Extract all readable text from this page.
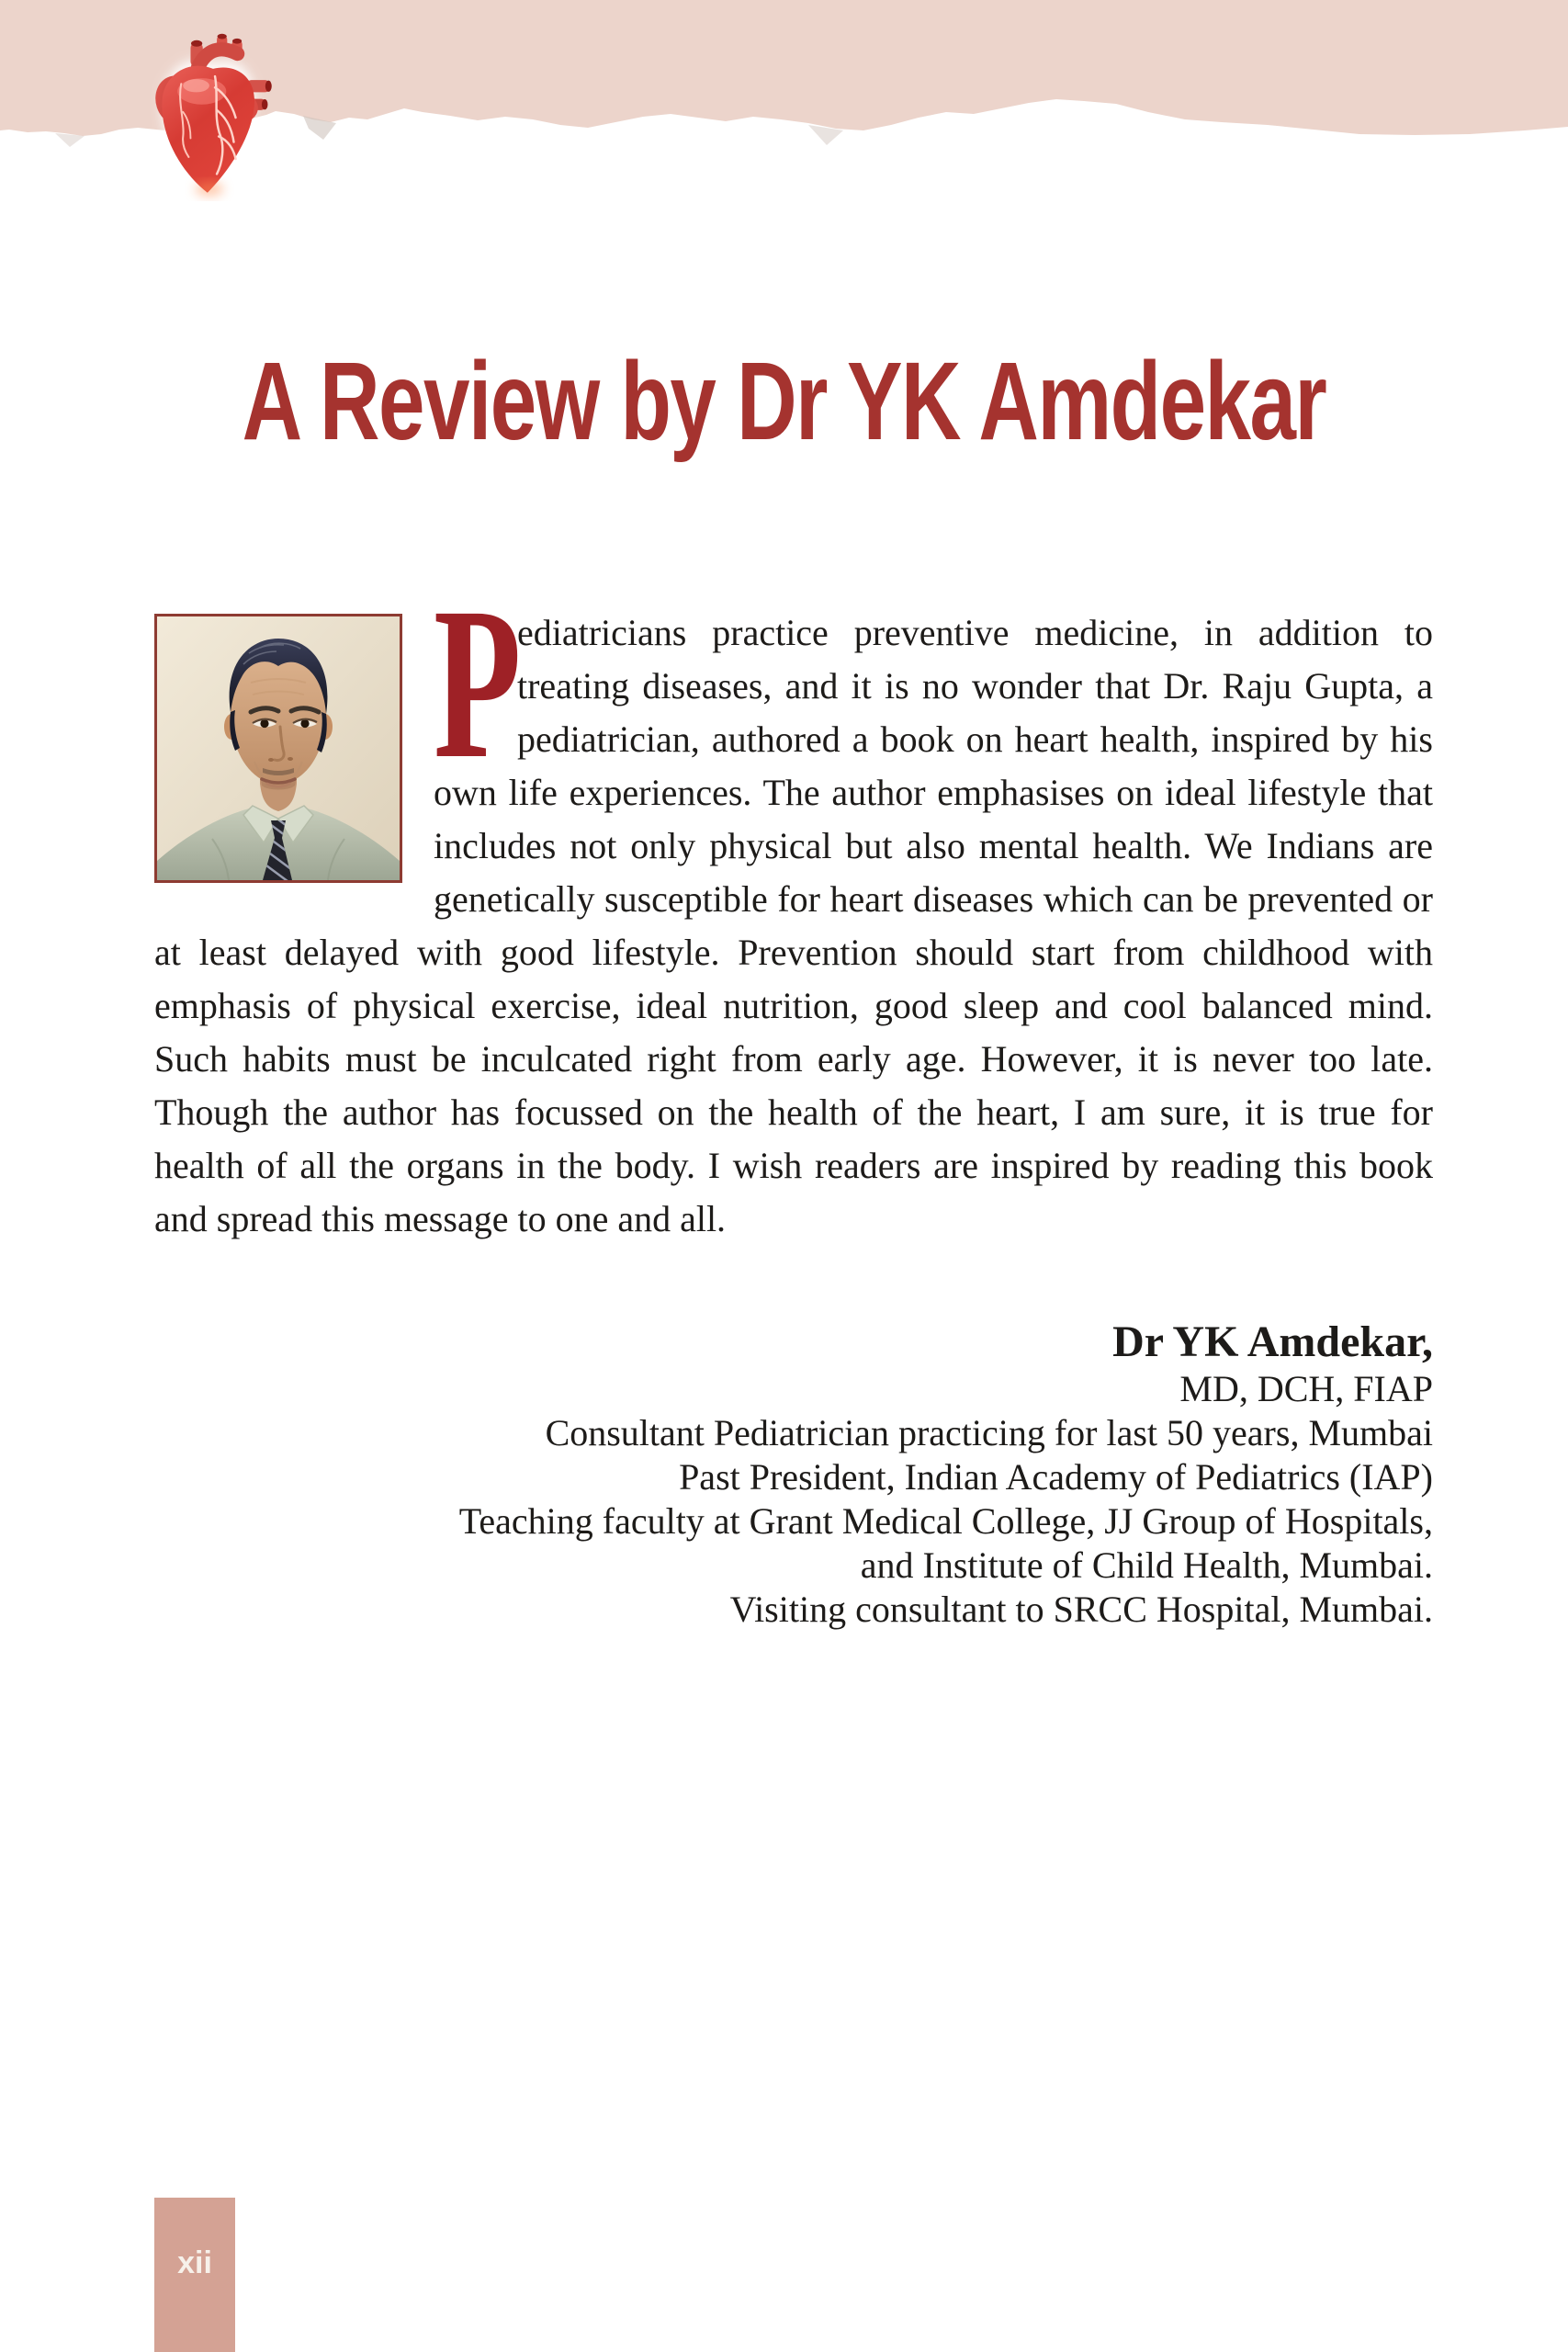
A Review by Dr YK Amdekar
P
ediatricians practice preventive medicine, in addition to treating diseases, and it is no wonder that Dr. Raju Gupta, a pediatrician, authored a book on heart health, inspired by his own life experiences. The author emphasises on ideal lifestyle that includes not only physical but also mental health. We Indians are genetically susceptible for heart diseases which can be prevented or at least delayed with good lifestyle. Prevention should start from childhood with emphasis of physical exercise, ideal nutrition, good sleep and cool balanced mind. Such habits must be inculcated right from early age. However, it is never too late. Though the author has focussed on the health of the heart, I am sure, it is true for health of all the organs in the body. I wish readers are inspired by reading this book and spread this message to one and all.
Dr YK Amdekar,
MD, DCH, FIAP
Consultant Pediatrician practicing for last 50 years, Mumbai
Past President, Indian Academy of Pediatrics (IAP)
Teaching faculty at Grant Medical College, JJ Group of Hospitals,
and Institute of Child Health, Mumbai.
Visiting consultant to SRCC Hospital, Mumbai.
xii
